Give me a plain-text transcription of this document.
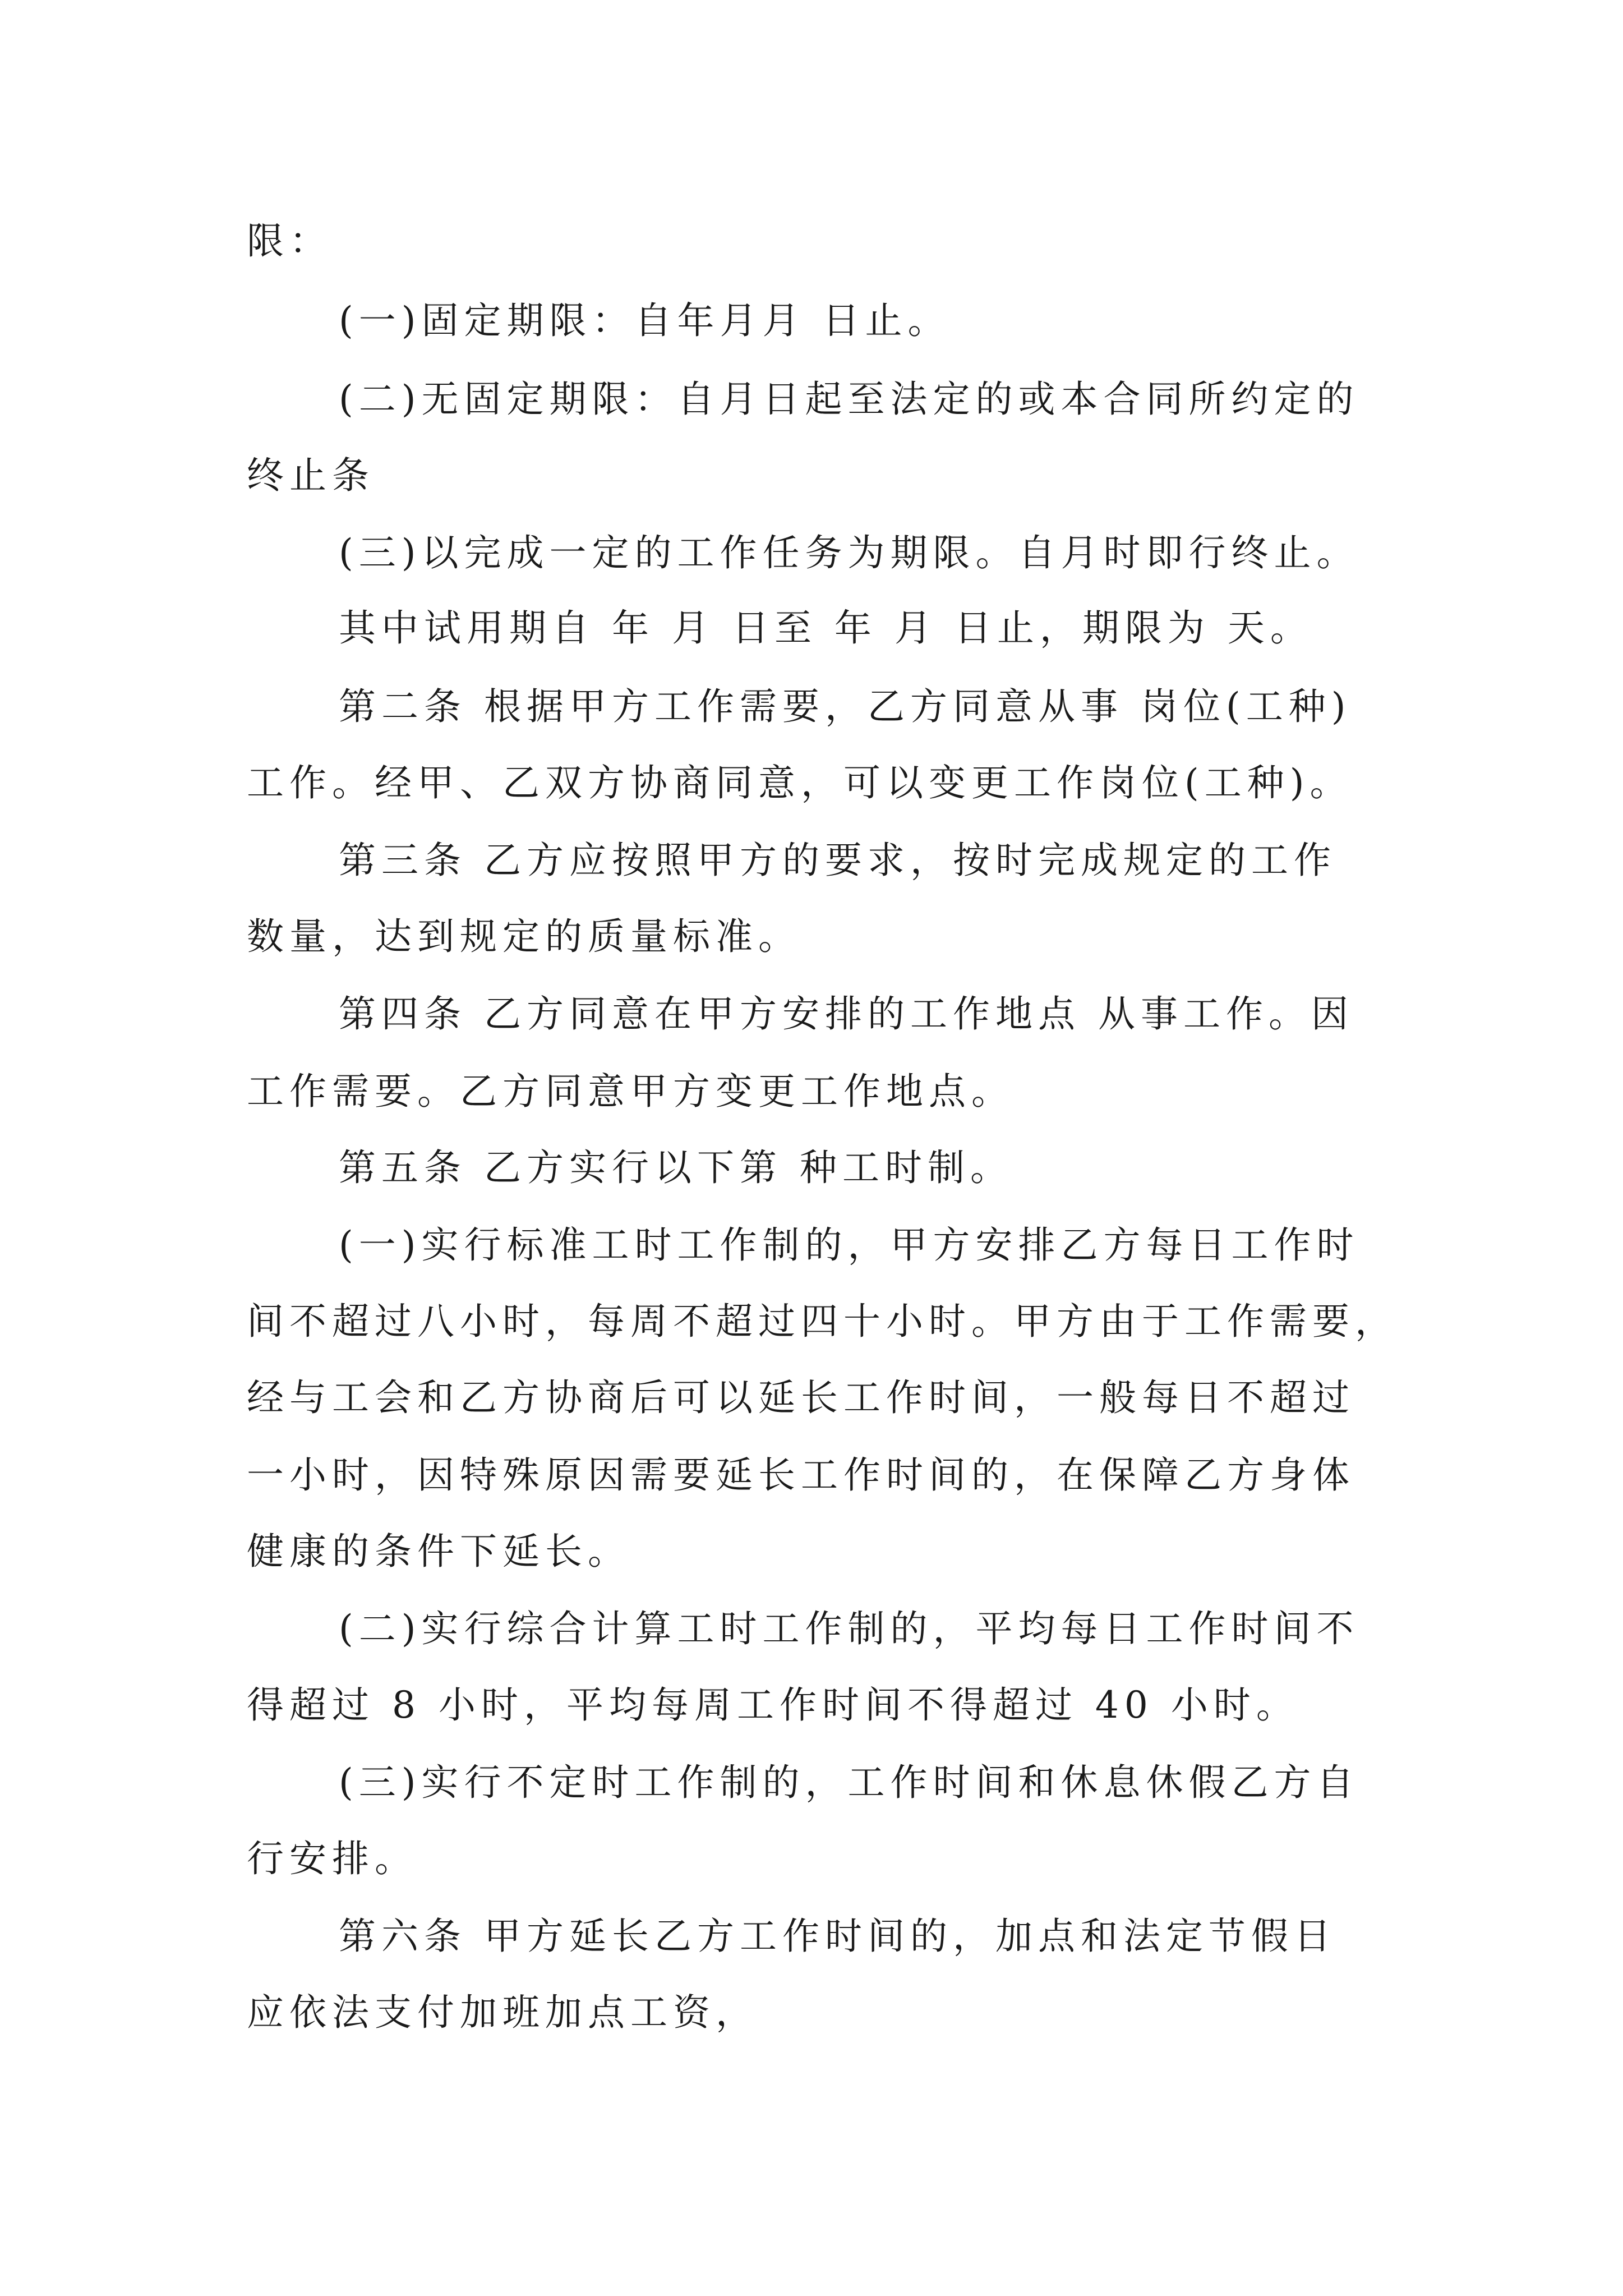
限：
(一)固定期限：自年月月 日止。
(二)无固定期限：自月日起至法定的或本合同所约定的
终止条
(三)以完成一定的工作任务为期限。自月时即行终止。
其中试用期自 年 月 日至 年 月 日止，期限为 天。
第二条 根据甲方工作需要，乙方同意从事 岗位(工种)
工作。经甲、乙双方协商同意，可以变更工作岗位(工种)。
第三条 乙方应按照甲方的要求，按时完成规定的工作
数量，达到规定的质量标准。
第四条 乙方同意在甲方安排的工作地点 从事工作。因
工作需要。乙方同意甲方变更工作地点。
第五条 乙方实行以下第 种工时制。
(一)实行标准工时工作制的，甲方安排乙方每日工作时
间不超过八小时，每周不超过四十小时。甲方由于工作需要，
经与工会和乙方协商后可以延长工作时间，一般每日不超过
一小时，因特殊原因需要延长工作时间的，在保障乙方身体
健康的条件下延长。
(二)实行综合计算工时工作制的，平均每日工作时间不
得超过 8 小时，平均每周工作时间不得超过 40 小时。
(三)实行不定时工作制的，工作时间和休息休假乙方自
行安排。
第六条 甲方延长乙方工作时间的，加点和法定节假日
应依法支付加班加点工资，
